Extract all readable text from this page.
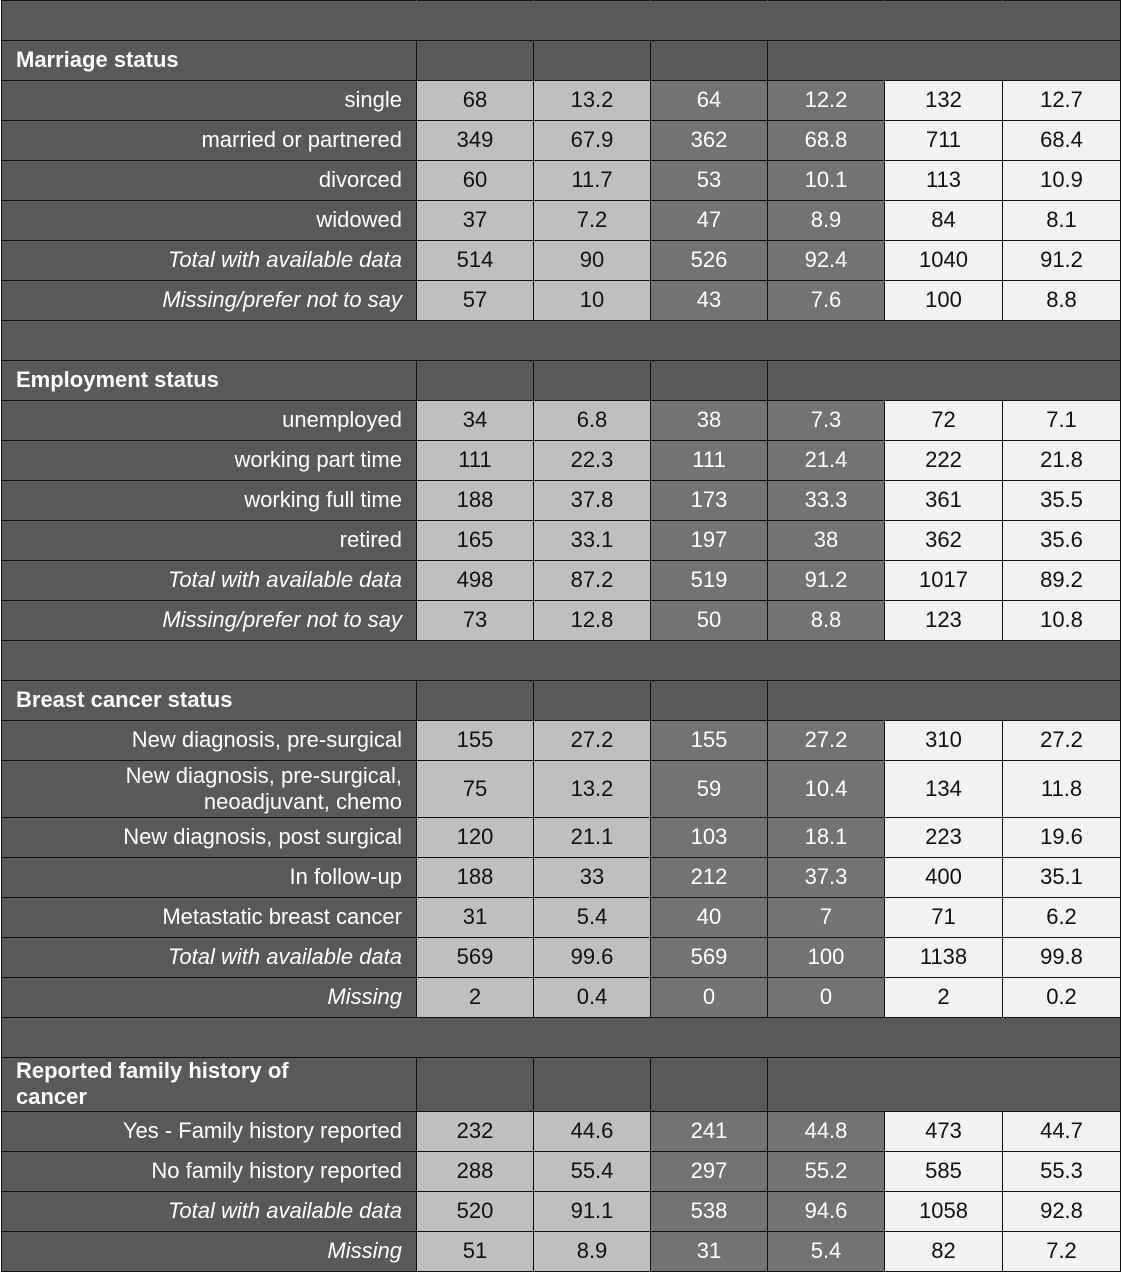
Marriage status						
single	68	13.2	64	12.2	132	12.7
married or partnered	349	67.9	362	68.8	711	68.4
divorced	60	11.7	53	10.1	113	10.9
widowed	37	7.2	47	8.9	84	8.1
Total with available data	514	90	526	92.4	1040	91.2
Missing/prefer not to say	57	10	43	7.6	100	8.8

Employment status						
unemployed	34	6.8	38	7.3	72	7.1
working part time	111	22.3	111	21.4	222	21.8
working full time	188	37.8	173	33.3	361	35.5
retired	165	33.1	197	38	362	35.6
Total with available data	498	87.2	519	91.2	1017	89.2
Missing/prefer not to say	73	12.8	50	8.8	123	10.8

Breast cancer status						
New diagnosis, pre-surgical	155	27.2	155	27.2	310	27.2
New diagnosis, pre-surgical, neoadjuvant, chemo	75	13.2	59	10.4	134	11.8
New diagnosis, post surgical	120	21.1	103	18.1	223	19.6
In follow-up	188	33	212	37.3	400	35.1
Metastatic breast cancer	31	5.4	40	7	71	6.2
Total with available data	569	99.6	569	100	1138	99.8
Missing	2	0.4	0	0	2	0.2

Reported family history of cancer						
Yes - Family history reported	232	44.6	241	44.8	473	44.7
No family history reported	288	55.4	297	55.2	585	55.3
Total with available data	520	91.1	538	94.6	1058	92.8
Missing	51	8.9	31	5.4	82	7.2
